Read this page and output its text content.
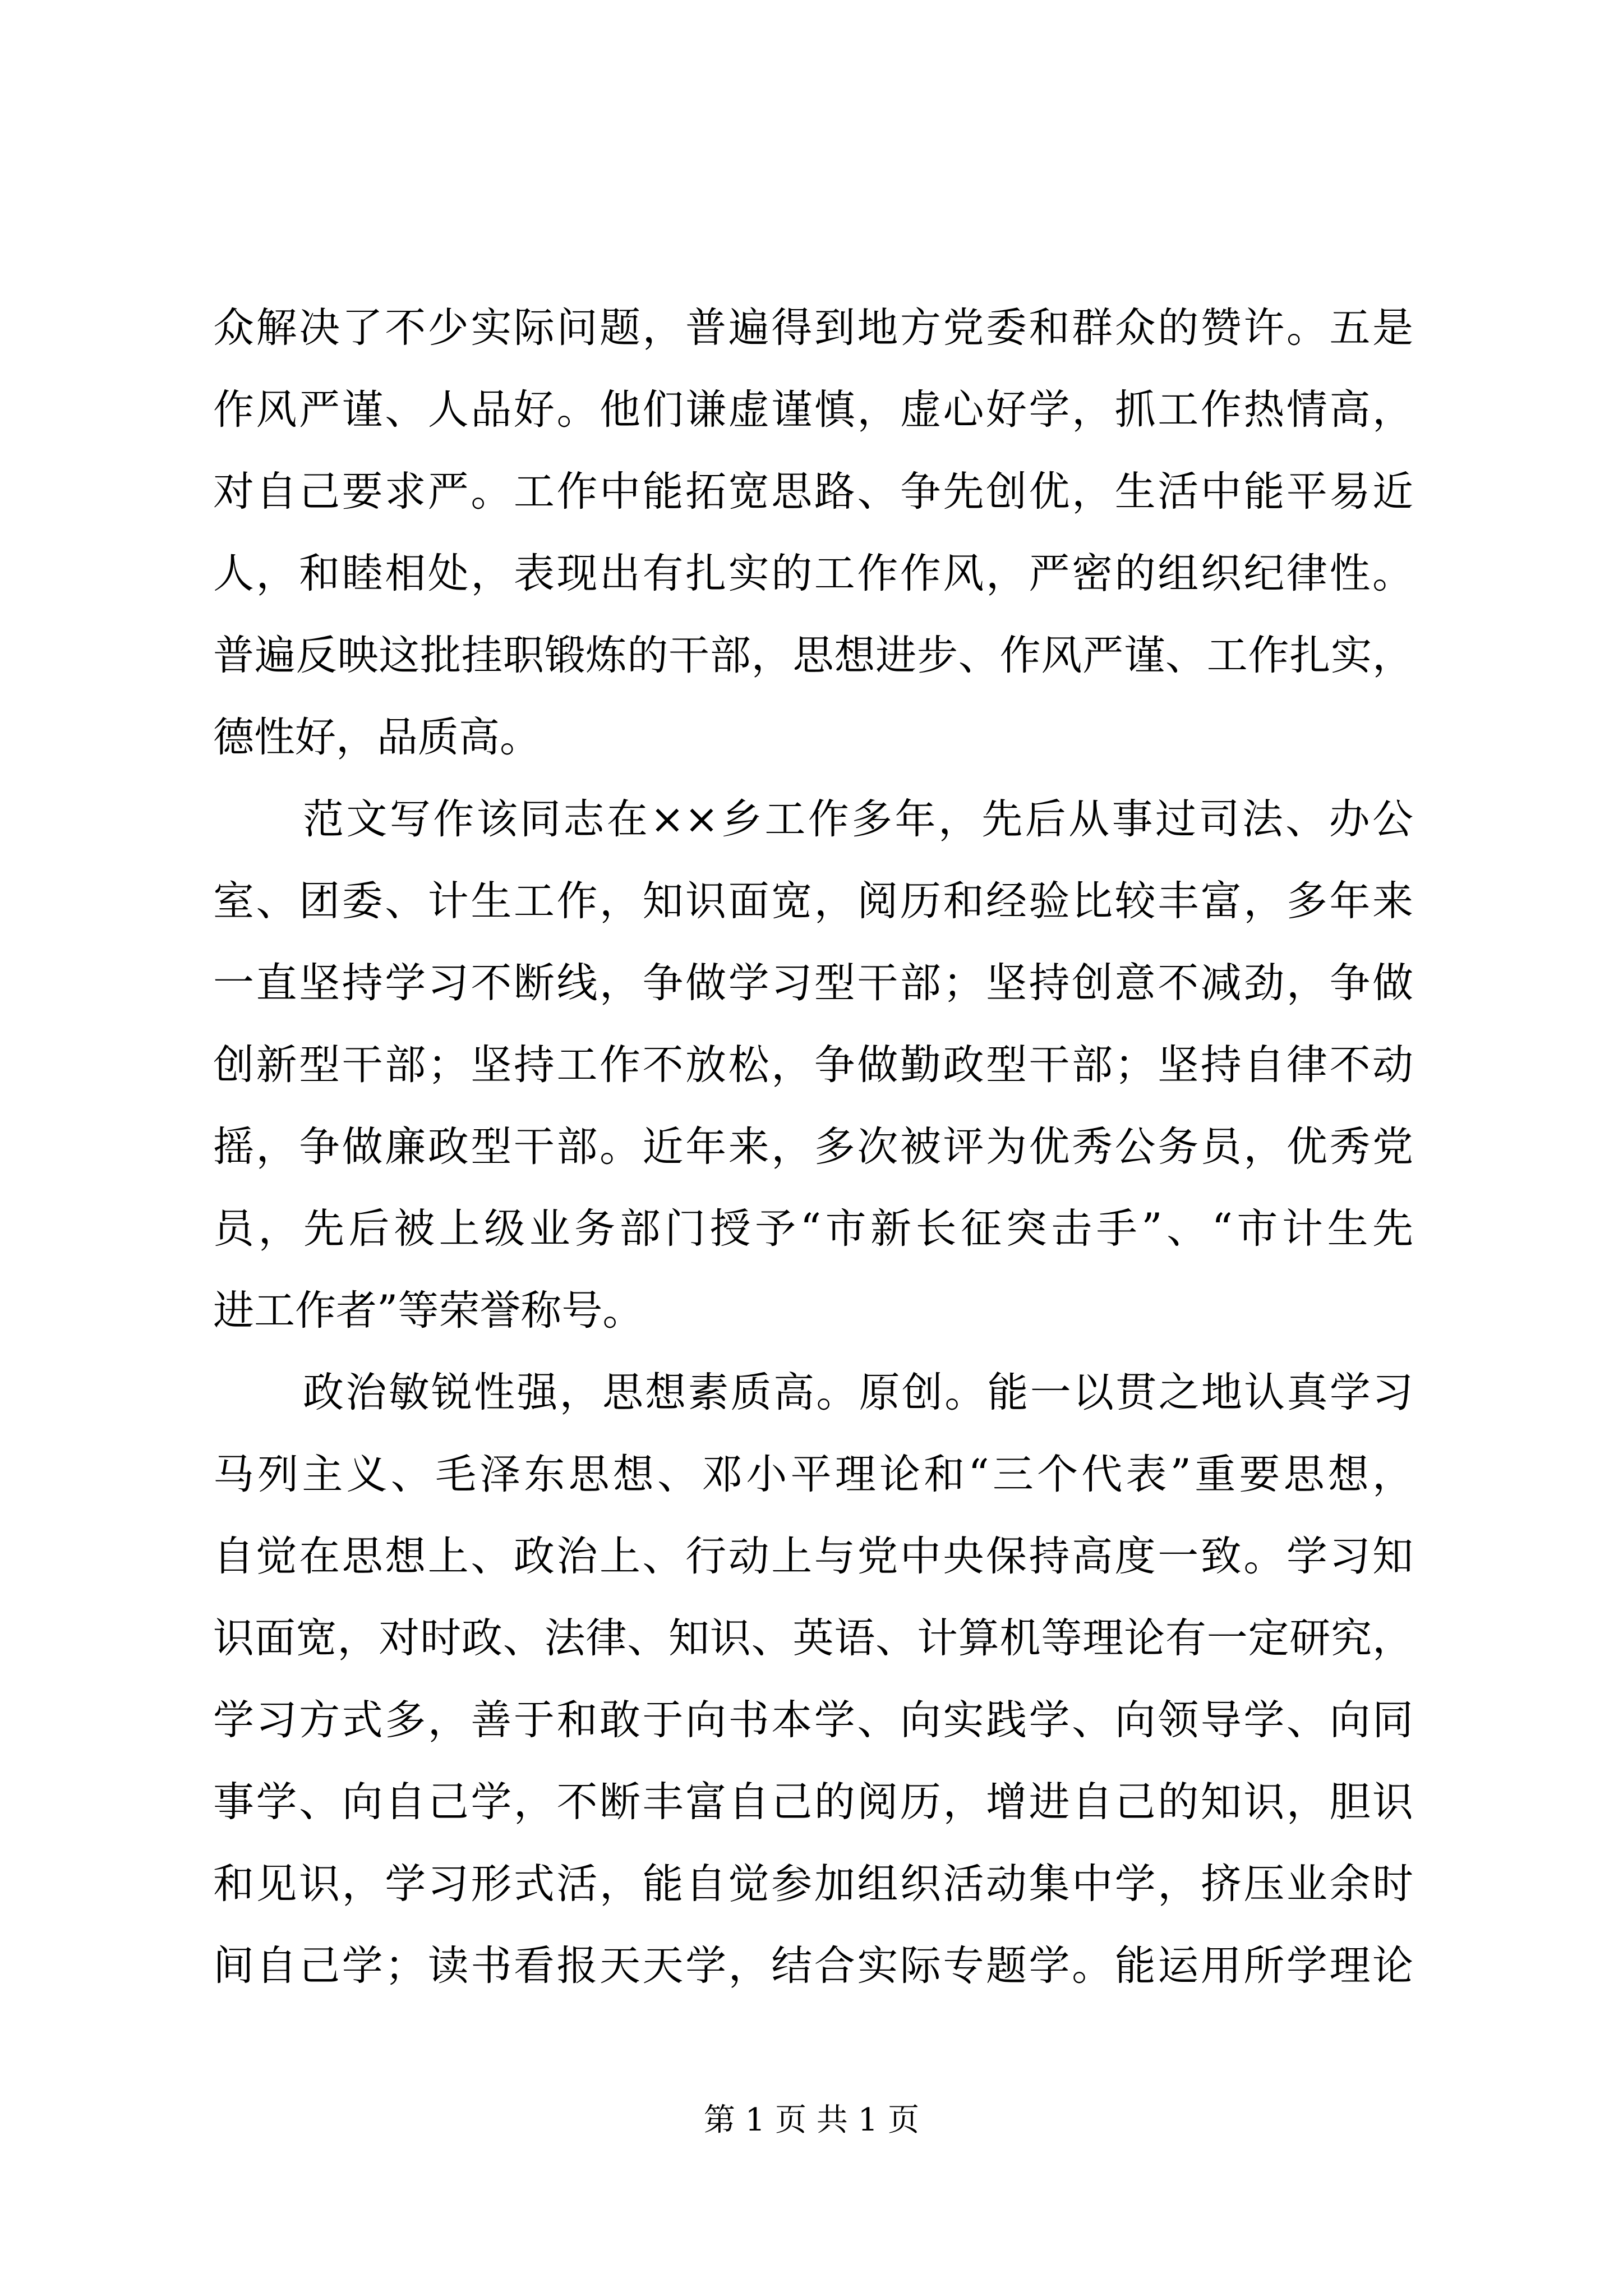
众解决了不少实际问题，普遍得到地方党委和群众的赞许。五是
作风严谨、人品好。他们谦虚谨慎，虚心好学，抓工作热情高，
对自己要求严。工作中能拓宽思路、争先创优，生活中能平易近
人，和睦相处，表现出有扎实的工作作风，严密的组织纪律性。
普遍反映这批挂职锻炼的干部，思想进步、作风严谨、工作扎实，
德性好，品质高。
范文写作该同志在××乡工作多年，先后从事过司法、办公
室、团委、计生工作，知识面宽，阅历和经验比较丰富，多年来
一直坚持学习不断线，争做学习型干部；坚持创意不减劲，争做
创新型干部；坚持工作不放松，争做勤政型干部；坚持自律不动
摇，争做廉政型干部。近年来，多次被评为优秀公务员，优秀党
员，先后被上级业务部门授予“市新长征突击手”、“市计生先
进工作者”等荣誉称号。
政治敏锐性强，思想素质高。原创。能一以贯之地认真学习
马列主义、毛泽东思想、邓小平理论和“三个代表”重要思想，
自觉在思想上、政治上、行动上与党中央保持高度一致。学习知
识面宽，对时政、法律、知识、英语、计算机等理论有一定研究，
学习方式多，善于和敢于向书本学、向实践学、向领导学、向同
事学、向自己学，不断丰富自己的阅历，增进自己的知识，胆识
和见识，学习形式活，能自觉参加组织活动集中学，挤压业余时
间自己学；读书看报天天学，结合实际专题学。能运用所学理论
第 1 页 共 1 页
